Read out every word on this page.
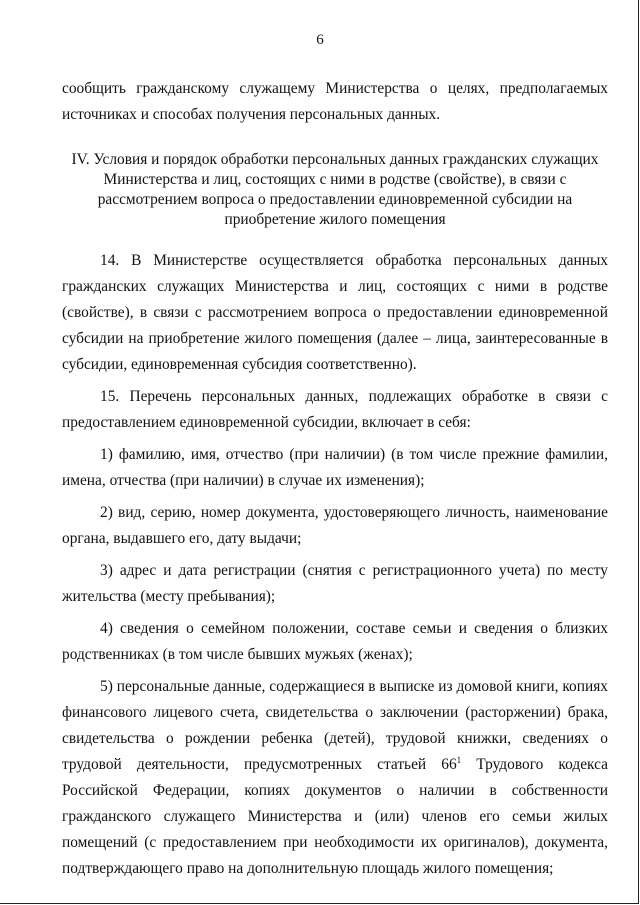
6

сообщить гражданскому служащему Министерства о целях, предполагаемых источниках и способах получения персональных данных.

IV. Условия и порядок обработки персональных данных гражданских служащих Министерства и лиц, состоящих с ними в родстве (свойстве), в связи с рассмотрением вопроса о предоставлении единовременной субсидии на приобретение жилого помещения

14. В Министерстве осуществляется обработка персональных данных гражданских служащих Министерства и лиц, состоящих с ними в родстве (свойстве), в связи с рассмотрением вопроса о предоставлении единовременной субсидии на приобретение жилого помещения (далее – лица, заинтересованные в субсидии, единовременная субсидия соответственно).

15. Перечень персональных данных, подлежащих обработке в связи с предоставлением единовременной субсидии, включает в себя:

1) фамилию, имя, отчество (при наличии) (в том числе прежние фамилии, имена, отчества (при наличии) в случае их изменения);

2) вид, серию, номер документа, удостоверяющего личность, наименование органа, выдавшего его, дату выдачи;

3) адрес и дата регистрации (снятия с регистрационного учета) по месту жительства (месту пребывания);

4) сведения о семейном положении, составе семьи и сведения о близких родственниках (в том числе бывших мужьях (женах);

5) персональные данные, содержащиеся в выписке из домовой книги, копиях финансового лицевого счета, свидетельства о заключении (расторжении) брака, свидетельства о рождении ребенка (детей), трудовой книжки, сведениях о трудовой деятельности, предусмотренных статьей $66^1$ Трудового кодекса Российской Федерации, копиях документов о наличии в собственности гражданского служащего Министерства и (или) членов его семьи жилых помещений (с предоставлением при необходимости их оригиналов), документа, подтверждающего право на дополнительную площадь жилого помещения;
